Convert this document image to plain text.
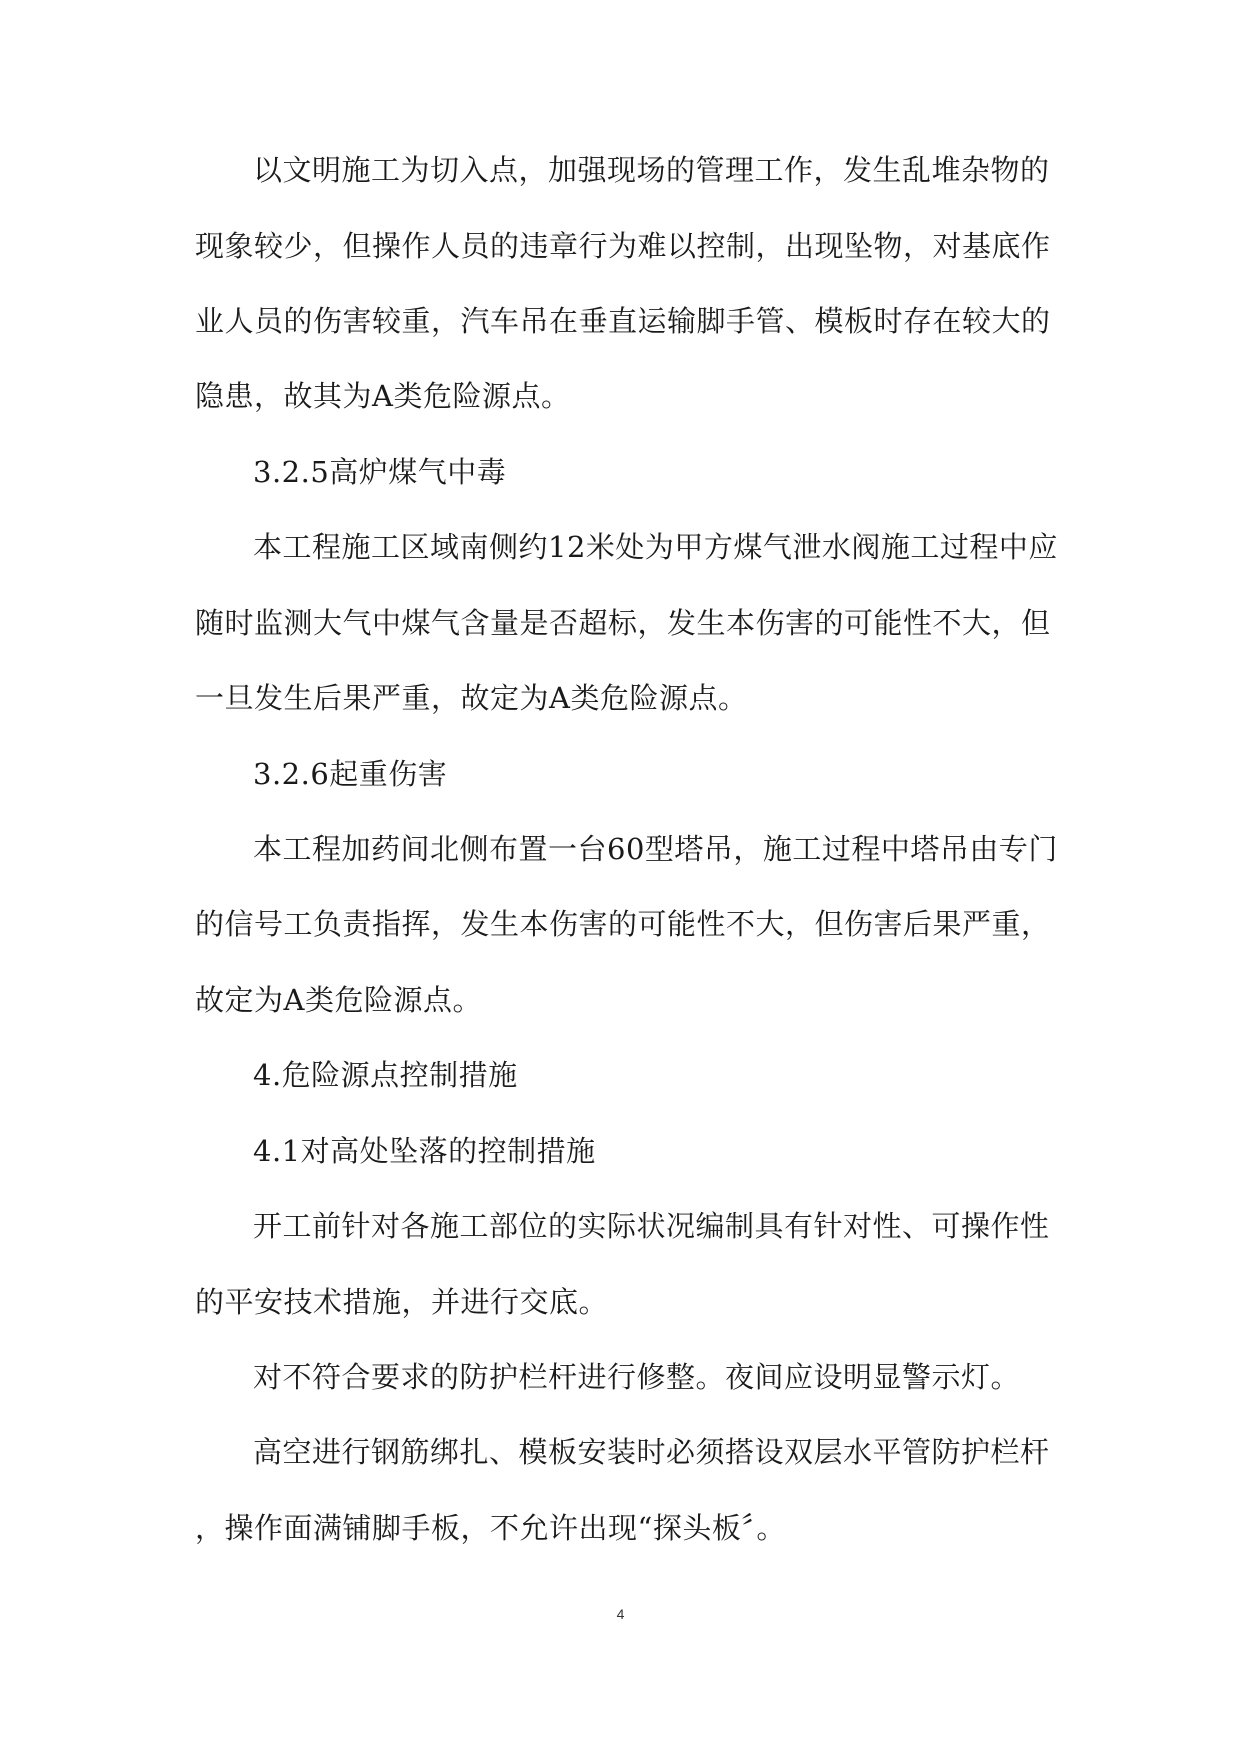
以文明施工为切入点，加强现场的管理工作，发生乱堆杂物的
现象较少，但操作人员的违章行为难以控制，出现坠物，对基底作
业人员的伤害较重，汽车吊在垂直运输脚手管、模板时存在较大的
隐患，故其为A类危险源点。
3.2.5高炉煤气中毒
本工程施工区域南侧约12米处为甲方煤气泄水阀施工过程中应
随时监测大气中煤气含量是否超标，发生本伤害的可能性不大，但
一旦发生后果严重，故定为A类危险源点。
3.2.6起重伤害
本工程加药间北侧布置一台60型塔吊，施工过程中塔吊由专门
的信号工负责指挥，发生本伤害的可能性不大，但伤害后果严重，
故定为A类危险源点。
4.危险源点控制措施
4.1对高处坠落的控制措施
开工前针对各施工部位的实际状况编制具有针对性、可操作性
的平安技术措施，并进行交底。
对不符合要求的防护栏杆进行修整。夜间应设明显警示灯。
高空进行钢筋绑扎、模板安装时必须搭设双层水平管防护栏杆
，操作面满铺脚手板，不允许出现“探头板〞。
4
